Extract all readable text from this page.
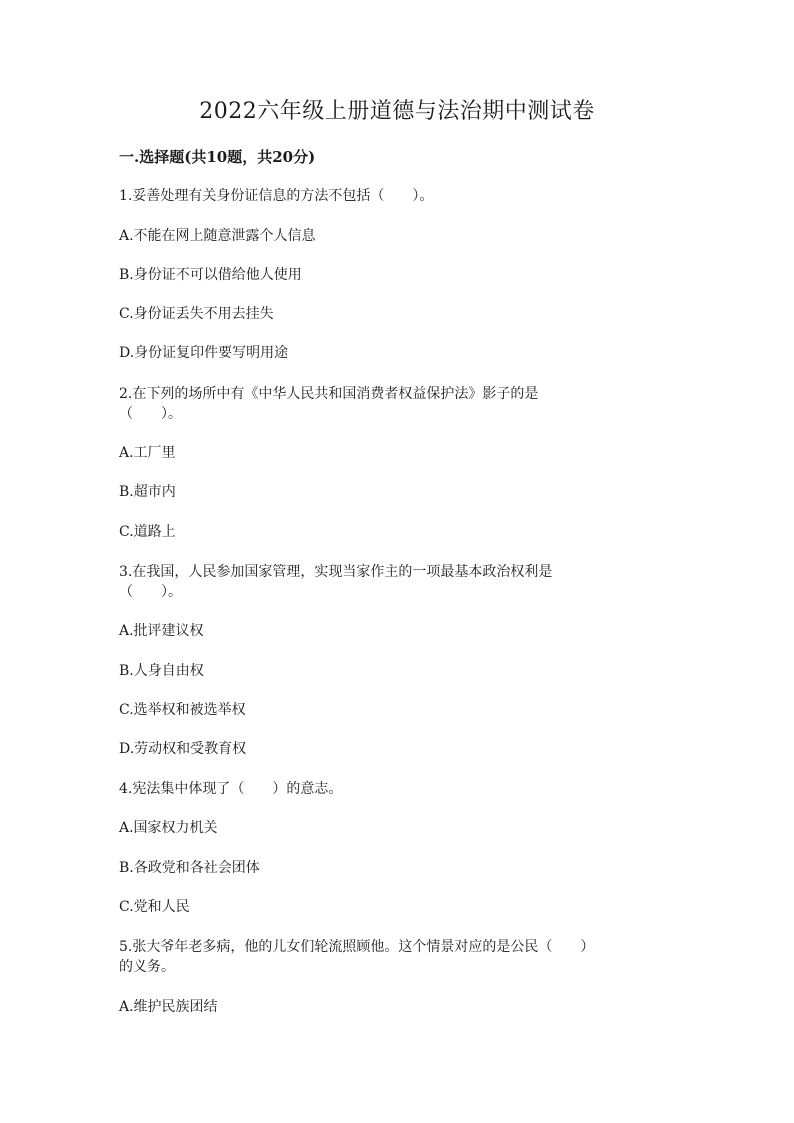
2022六年级上册道德与法治期中测试卷
一.选择题(共10题，共20分)
1.妥善处理有关身份证信息的方法不包括（　　）。
A.不能在网上随意泄露个人信息
B.身份证不可以借给他人使用
C.身份证丢失不用去挂失
D.身份证复印件要写明用途
2.在下列的场所中有《中华人民共和国消费者权益保护法》影子的是
（　　）。
A.工厂里
B.超市内
C.道路上
3.在我国，人民参加国家管理，实现当家作主的一项最基本政治权利是
（　　）。
A.批评建议权
B.人身自由权
C.选举权和被选举权
D.劳动权和受教育权
4.宪法集中体现了（　　）的意志。
A.国家权力机关
B.各政党和各社会团体
C.党和人民
5.张大爷年老多病，他的儿女们轮流照顾他。这个情景对应的是公民（　　）
的义务。
A.维护民族团结
